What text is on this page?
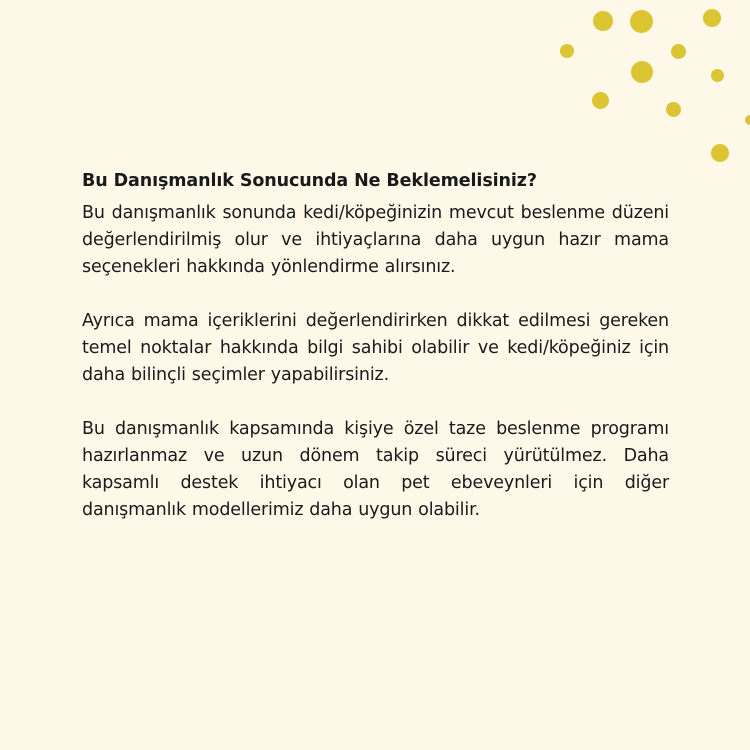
Bu Danışmanlık Sonucunda Ne Beklemelisiniz?

Bu danışmanlık sonunda kedi/köpeğinizin mevcut beslenme düzeni değerlendirilmiş olur ve ihtiyaçlarına daha uygun hazır mama seçenekleri hakkında yönlendirme alırsınız.

Ayrıca mama içeriklerini değerlendirirken dikkat edilmesi gereken temel noktalar hakkında bilgi sahibi olabilir ve kedi/köpeğiniz için daha bilinçli seçimler yapabilirsiniz.

Bu danışmanlık kapsamında kişiye özel taze beslenme programı hazırlanmaz ve uzun dönem takip süreci yürütülmez. Daha kapsamlı destek ihtiyacı olan pet ebeveynleri için diğer danışmanlık modellerimiz daha uygun olabilir.
